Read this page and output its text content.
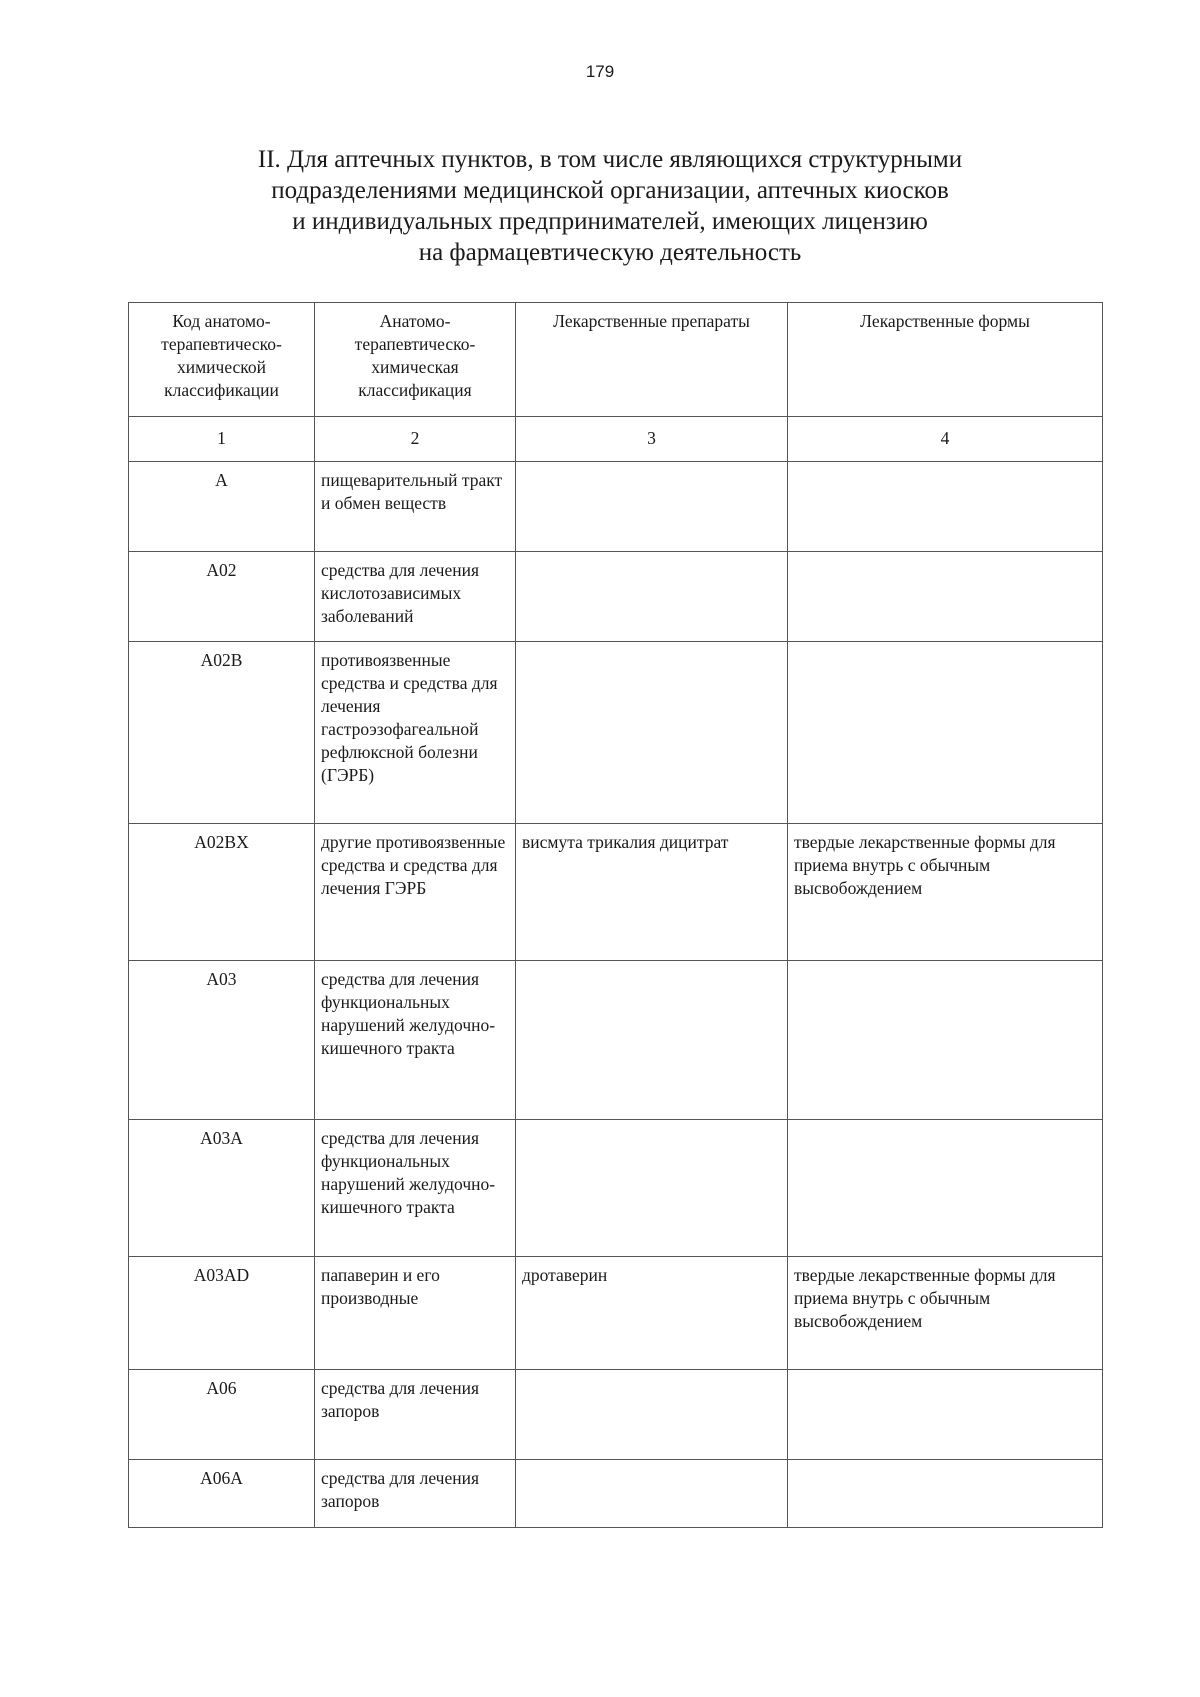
179
II. Для аптечных пунктов, в том числе являющихся структурными
подразделениями медицинской организации, аптечных киосков
и индивидуальных предпринимателей, имеющих лицензию
на фармацевтическую деятельность
Код анатомо-терапевтическо-химической классификации	Анатомо-терапевтическо-химическая классификация	Лекарственные препараты	Лекарственные формы
1	2	3	4
A	пищеварительный тракт и обмен веществ		
A02	средства для лечения кислотозависимых заболеваний		
A02B	противоязвенные средства и средства для лечения гастроэзофагеальной рефлюксной болезни (ГЭРБ)		
A02BX	другие противоязвенные средства и средства для лечения ГЭРБ	висмута трикалия дицитрат	твердые лекарственные формы для приема внутрь с обычным высвобождением
A03	средства для лечения функциональных нарушений желудочно-кишечного тракта		
A03A	средства для лечения функциональных нарушений желудочно-кишечного тракта		
A03AD	папаверин и его производные	дротаверин	твердые лекарственные формы для приема внутрь с обычным высвобождением
A06	средства для лечения запоров		
A06A	средства для лечения запоров		
